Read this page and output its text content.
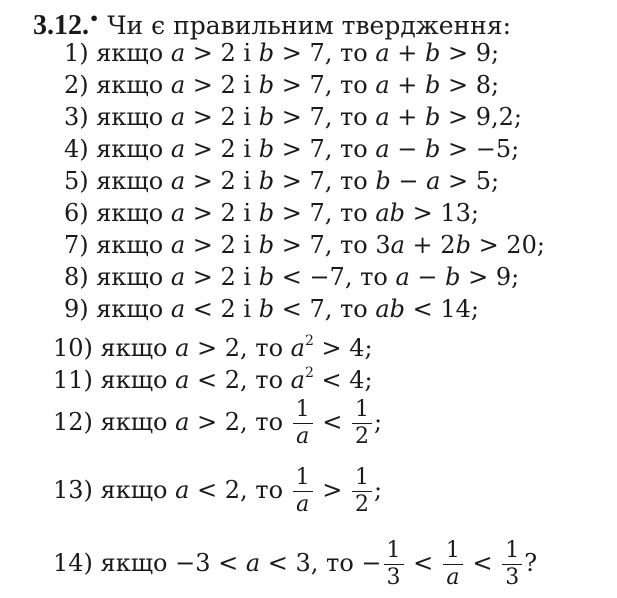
3.12.• Чи є правильним твердження:
1) якщо a > 2 і b > 7, то a + b > 9;
2) якщо a > 2 і b > 7, то a + b > 8;
3) якщо a > 2 і b > 7, то a + b > 9,2;
4) якщо a > 2 і b > 7, то a − b > −5;
5) якщо a > 2 і b > 7, то b − a > 5;
6) якщо a > 2 і b > 7, то ab > 13;
7) якщо a > 2 і b > 7, то 3a + 2b > 20;
8) якщо a > 2 і b < −7, то a − b > 9;
9) якщо a < 2 і b < 7, то ab < 14;
10) якщо a > 2, то $a^2 > 4$;
11) якщо a < 2, то $a^2 < 4$;
12) якщо a > 2, то $\frac{1}{a} < \frac{1}{2}$ ;
13) якщо a < 2, то $\frac{1}{a} > \frac{1}{2}$ ;
14) якщо −3 < a < 3, то − $\frac{1}{3} < \frac{1}{a} < \frac{1}{3}$ ?
